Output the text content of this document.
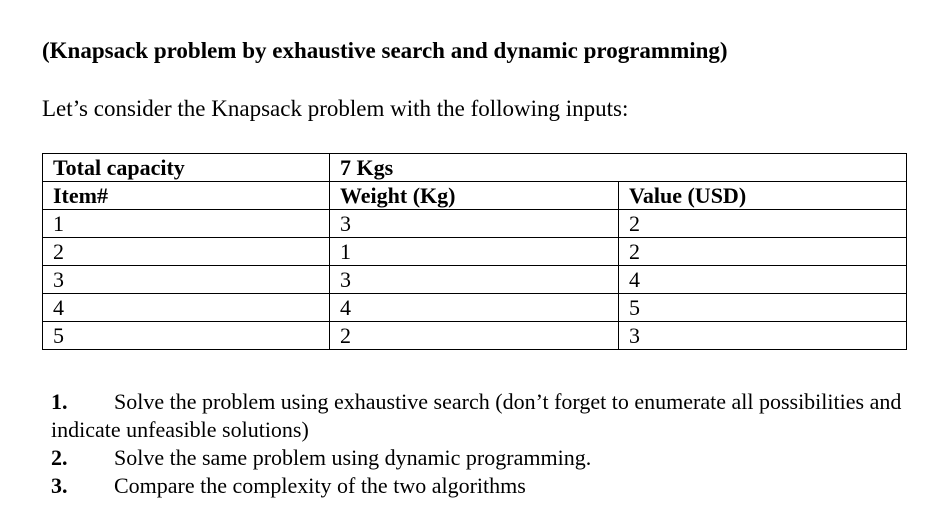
(Knapsack problem by exhaustive search and dynamic programming)
Let’s consider the Knapsack problem with the following inputs:
Total capacity	7 Kgs	
Item#	Weight (Kg)	Value (USD)
1	3	2
2	1	2
3	3	4
4	4	5
5	2	3
1. Solve the problem using exhaustive search (don’t forget to enumerate all possibilities and indicate unfeasible solutions)
2. Solve the same problem using dynamic programming.
3. Compare the complexity of the two algorithms
